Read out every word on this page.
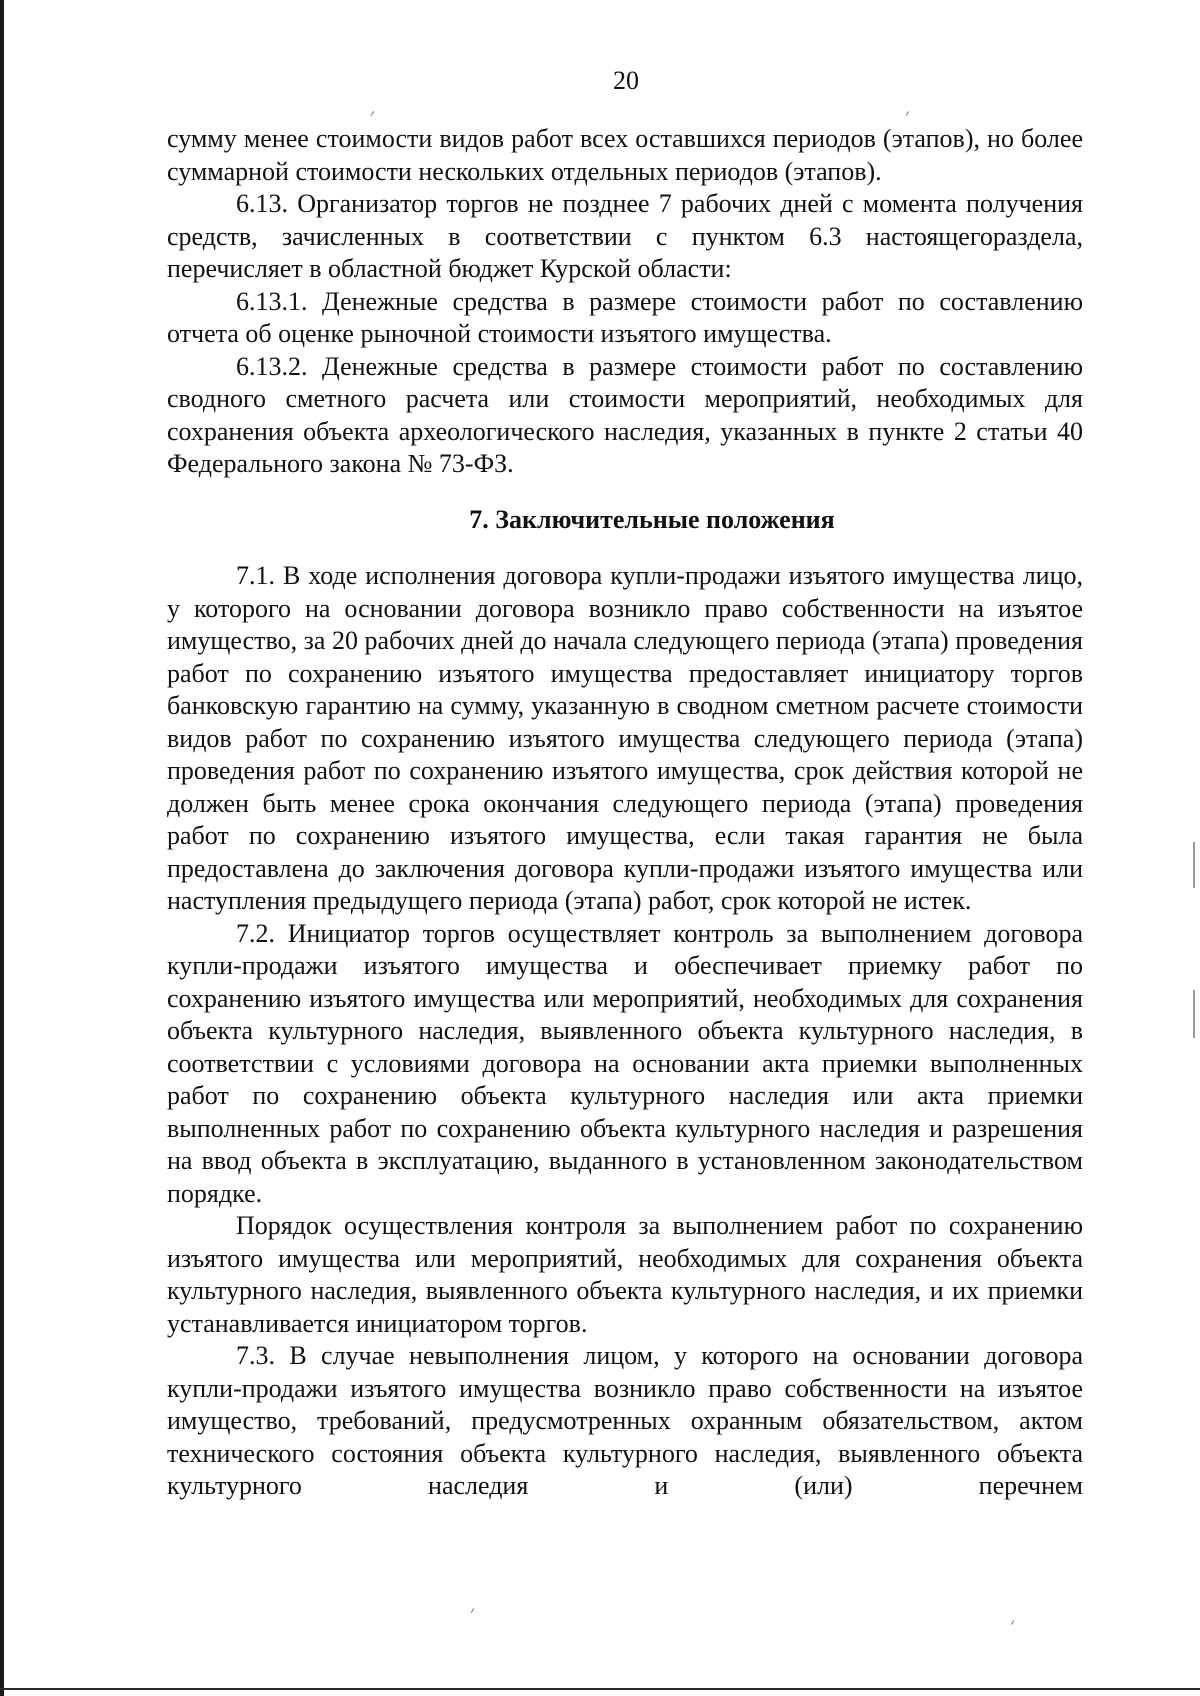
20

сумму менее стоимости видов работ всех оставшихся периодов (этапов), но более суммарной стоимости нескольких отдельных периодов (этапов).

6.13. Организатор торгов не позднее 7 рабочих дней с момента получения средств, зачисленных в соответствии с пунктом 6.3 настоящегораздела, перечисляет в областной бюджет Курской области:

6.13.1. Денежные средства в размере стоимости работ по составлению отчета об оценке рыночной стоимости изъятого имущества.

6.13.2. Денежные средства в размере стоимости работ по составлению сводного сметного расчета или стоимости мероприятий, необходимых для сохранения объекта археологического наследия, указанных в пункте 2 статьи 40 Федерального закона № 73-ФЗ.

7. Заключительные положения

7.1. В ходе исполнения договора купли-продажи изъятого имущества лицо, у которого на основании договора возникло право собственности на изъятое имущество, за 20 рабочих дней до начала следующего периода (этапа) проведения работ по сохранению изъятого имущества предоставляет инициатору торгов банковскую гарантию на сумму, указанную в сводном сметном расчете стоимости видов работ по сохранению изъятого имущества следующего периода (этапа) проведения работ по сохранению изъятого имущества, срок действия которой не должен быть менее срока окончания следующего периода (этапа) проведения работ по сохранению изъятого имущества, если такая гарантия не была предоставлена до заключения договора купли-продажи изъятого имущества или наступления предыдущего периода (этапа) работ, срок которой не истек.

7.2. Инициатор торгов осуществляет контроль за выполнением договора купли-продажи изъятого имущества и обеспечивает приемку работ по сохранению изъятого имущества или мероприятий, необходимых для сохранения объекта культурного наследия, выявленного объекта культурного наследия, в соответствии с условиями договора на основании акта приемки выполненных работ по сохранению объекта культурного наследия или акта приемки выполненных работ по сохранению объекта культурного наследия и разрешения на ввод объекта в эксплуатацию, выданного в установленном законодательством порядке.

Порядок осуществления контроля за выполнением работ по сохранению изъятого имущества или мероприятий, необходимых для сохранения объекта культурного наследия, выявленного объекта культурного наследия, и их приемки устанавливается инициатором торгов.

7.3. В случае невыполнения лицом, у которого на основании договора купли-продажи изъятого имущества возникло право собственности на изъятое имущество, требований, предусмотренных охранным обязательством, актом технического состояния объекта культурного наследия, выявленного объекта культурного наследия и (или) перечнем
